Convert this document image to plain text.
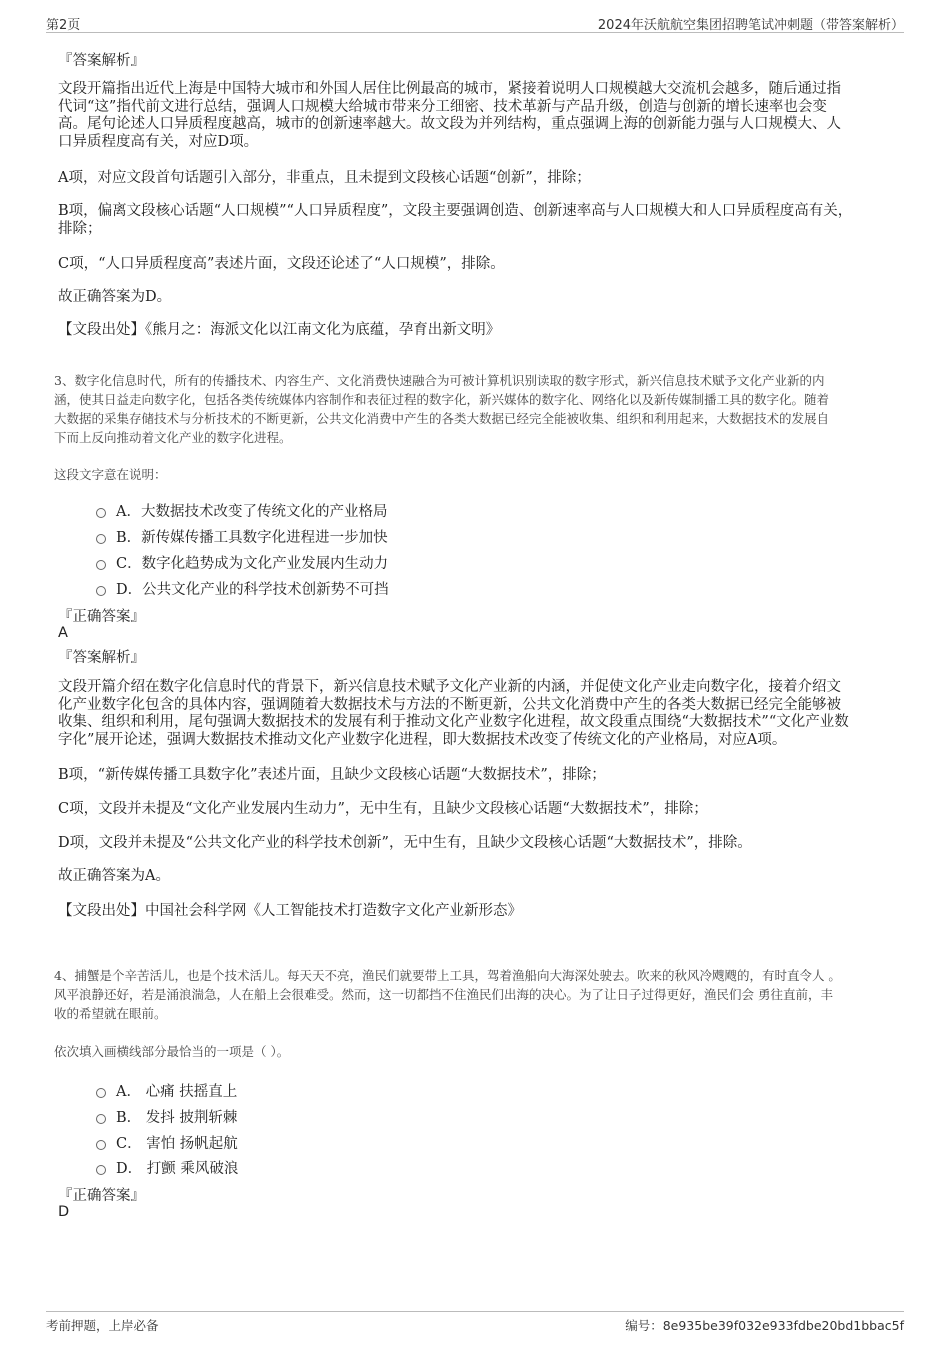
第2页	2024年沃航航空集团招聘笔试冲刺题（带答案解析）
『答案解析』
文段开篇指出近代上海是中国特大城市和外国人居住比例最高的城市，紧接着说明人口规模越大交流机会越多，随后通过指
代词“这”指代前文进行总结，强调人口规模大给城市带来分工细密、技术革新与产品升级，创造与创新的增长速率也会变
高。尾句论述人口异质程度越高，城市的创新速率越大。故文段为并列结构，重点强调上海的创新能力强与人口规模大、人
口异质程度高有关，对应D项。
A项，对应文段首句话题引入部分，非重点，且未提到文段核心话题“创新”，排除；
B项，偏离文段核心话题“人口规模”“人口异质程度”，文段主要强调创造、创新速率高与人口规模大和人口异质程度高有关，
排除；
C项，“人口异质程度高”表述片面，文段还论述了“人口规模”，排除。
故正确答案为D。
【文段出处】《熊月之：海派文化以江南文化为底蕴，孕育出新文明》
3、数字化信息时代，所有的传播技术、内容生产、文化消费快速融合为可被计算机识别读取的数字形式，新兴信息技术赋予文化产业新的内
涵，使其日益走向数字化，包括各类传统媒体内容制作和表征过程的数字化，新兴媒体的数字化、网络化以及新传媒制播工具的数字化。随着
大数据的采集存储技术与分析技术的不断更新，公共文化消费中产生的各类大数据已经完全能被收集、组织和利用起来，大数据技术的发展自
下而上反向推动着文化产业的数字化进程。
这段文字意在说明：
A．大数据技术改变了传统文化的产业格局
B．新传媒传播工具数字化进程进一步加快
C．数字化趋势成为文化产业发展内生动力
D．公共文化产业的科学技术创新势不可挡
『正确答案』
A
『答案解析』
文段开篇介绍在数字化信息时代的背景下，新兴信息技术赋予文化产业新的内涵，并促使文化产业走向数字化，接着介绍文
化产业数字化包含的具体内容，强调随着大数据技术与方法的不断更新，公共文化消费中产生的各类大数据已经完全能够被
收集、组织和利用，尾句强调大数据技术的发展有利于推动文化产业数字化进程，故文段重点围绕“大数据技术”“文化产业数
字化”展开论述，强调大数据技术推动文化产业数字化进程，即大数据技术改变了传统文化的产业格局，对应A项。
B项，“新传媒传播工具数字化”表述片面，且缺少文段核心话题“大数据技术”，排除；
C项，文段并未提及“文化产业发展内生动力”，无中生有，且缺少文段核心话题“大数据技术”，排除；
D项，文段并未提及“公共文化产业的科学技术创新”，无中生有，且缺少文段核心话题“大数据技术”，排除。
故正确答案为A。
【文段出处】中国社会科学网《人工智能技术打造数字文化产业新形态》
4、捕蟹是个辛苦活儿，也是个技术活儿。每天天不亮，渔民们就要带上工具，驾着渔船向大海深处驶去。吹来的秋风冷飕飕的，有时直令人 。
风平浪静还好，若是涌浪湍急，人在船上会很难受。然而，这一切都挡不住渔民们出海的决心。为了让日子过得更好，渔民们会 勇往直前，丰
收的希望就在眼前。
依次填入画横线部分最恰当的一项是（ ）。
A． 心痛 扶摇直上
B． 发抖 披荆斩棘
C． 害怕 扬帆起航
D． 打颤 乘风破浪
『正确答案』
D
考前押题，上岸必备	编号：8e935be39f032e933fdbe20bd1bbac5f
